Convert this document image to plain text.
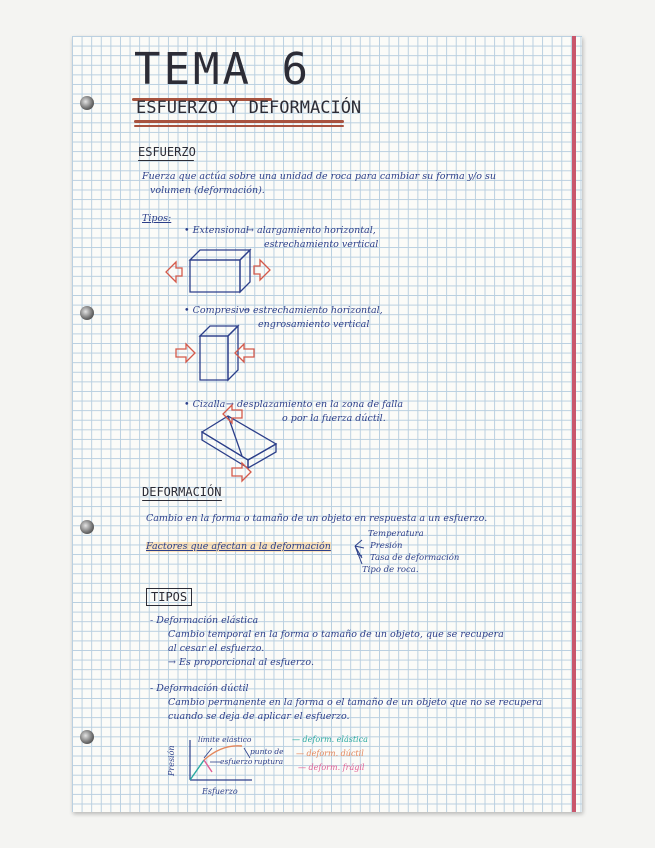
TEMA 6
ESFUERZO Y DEFORMACIÓN
ESFUERZO
Fuerza que actúa sobre una unidad de roca para cambiar su forma y/o su
volumen (deformación).
Tipos:
• Extensional
→ alargamiento horizontal,
estrechamiento vertical
• Compresivo
→ estrechamiento horizontal,
engrosamiento vertical
• Cizalla → desplazamiento en la zona de falla
o por la fuerza dúctil.
DEFORMACIÓN
Cambio en la forma o tamaño de un objeto en respuesta a un esfuerzo.
Factores que afectan a la deformación
Temperatura
Presión
Tasa de deformación
Tipo de roca.
TIPOS
- Deformación elástica
Cambio temporal en la forma o tamaño de un objeto, que se recupera
al cesar el esfuerzo.
→ Es proporcional al esfuerzo.
- Deformación dúctil
Cambio permanente en la forma o el tamaño de un objeto que no se recupera
cuando se deja de aplicar el esfuerzo.
Presión
Esfuerzo
límite elástico
esfuerzo
punto de
ruptura
— deform. elástica
— deform. dúctil
— deform. frágil
